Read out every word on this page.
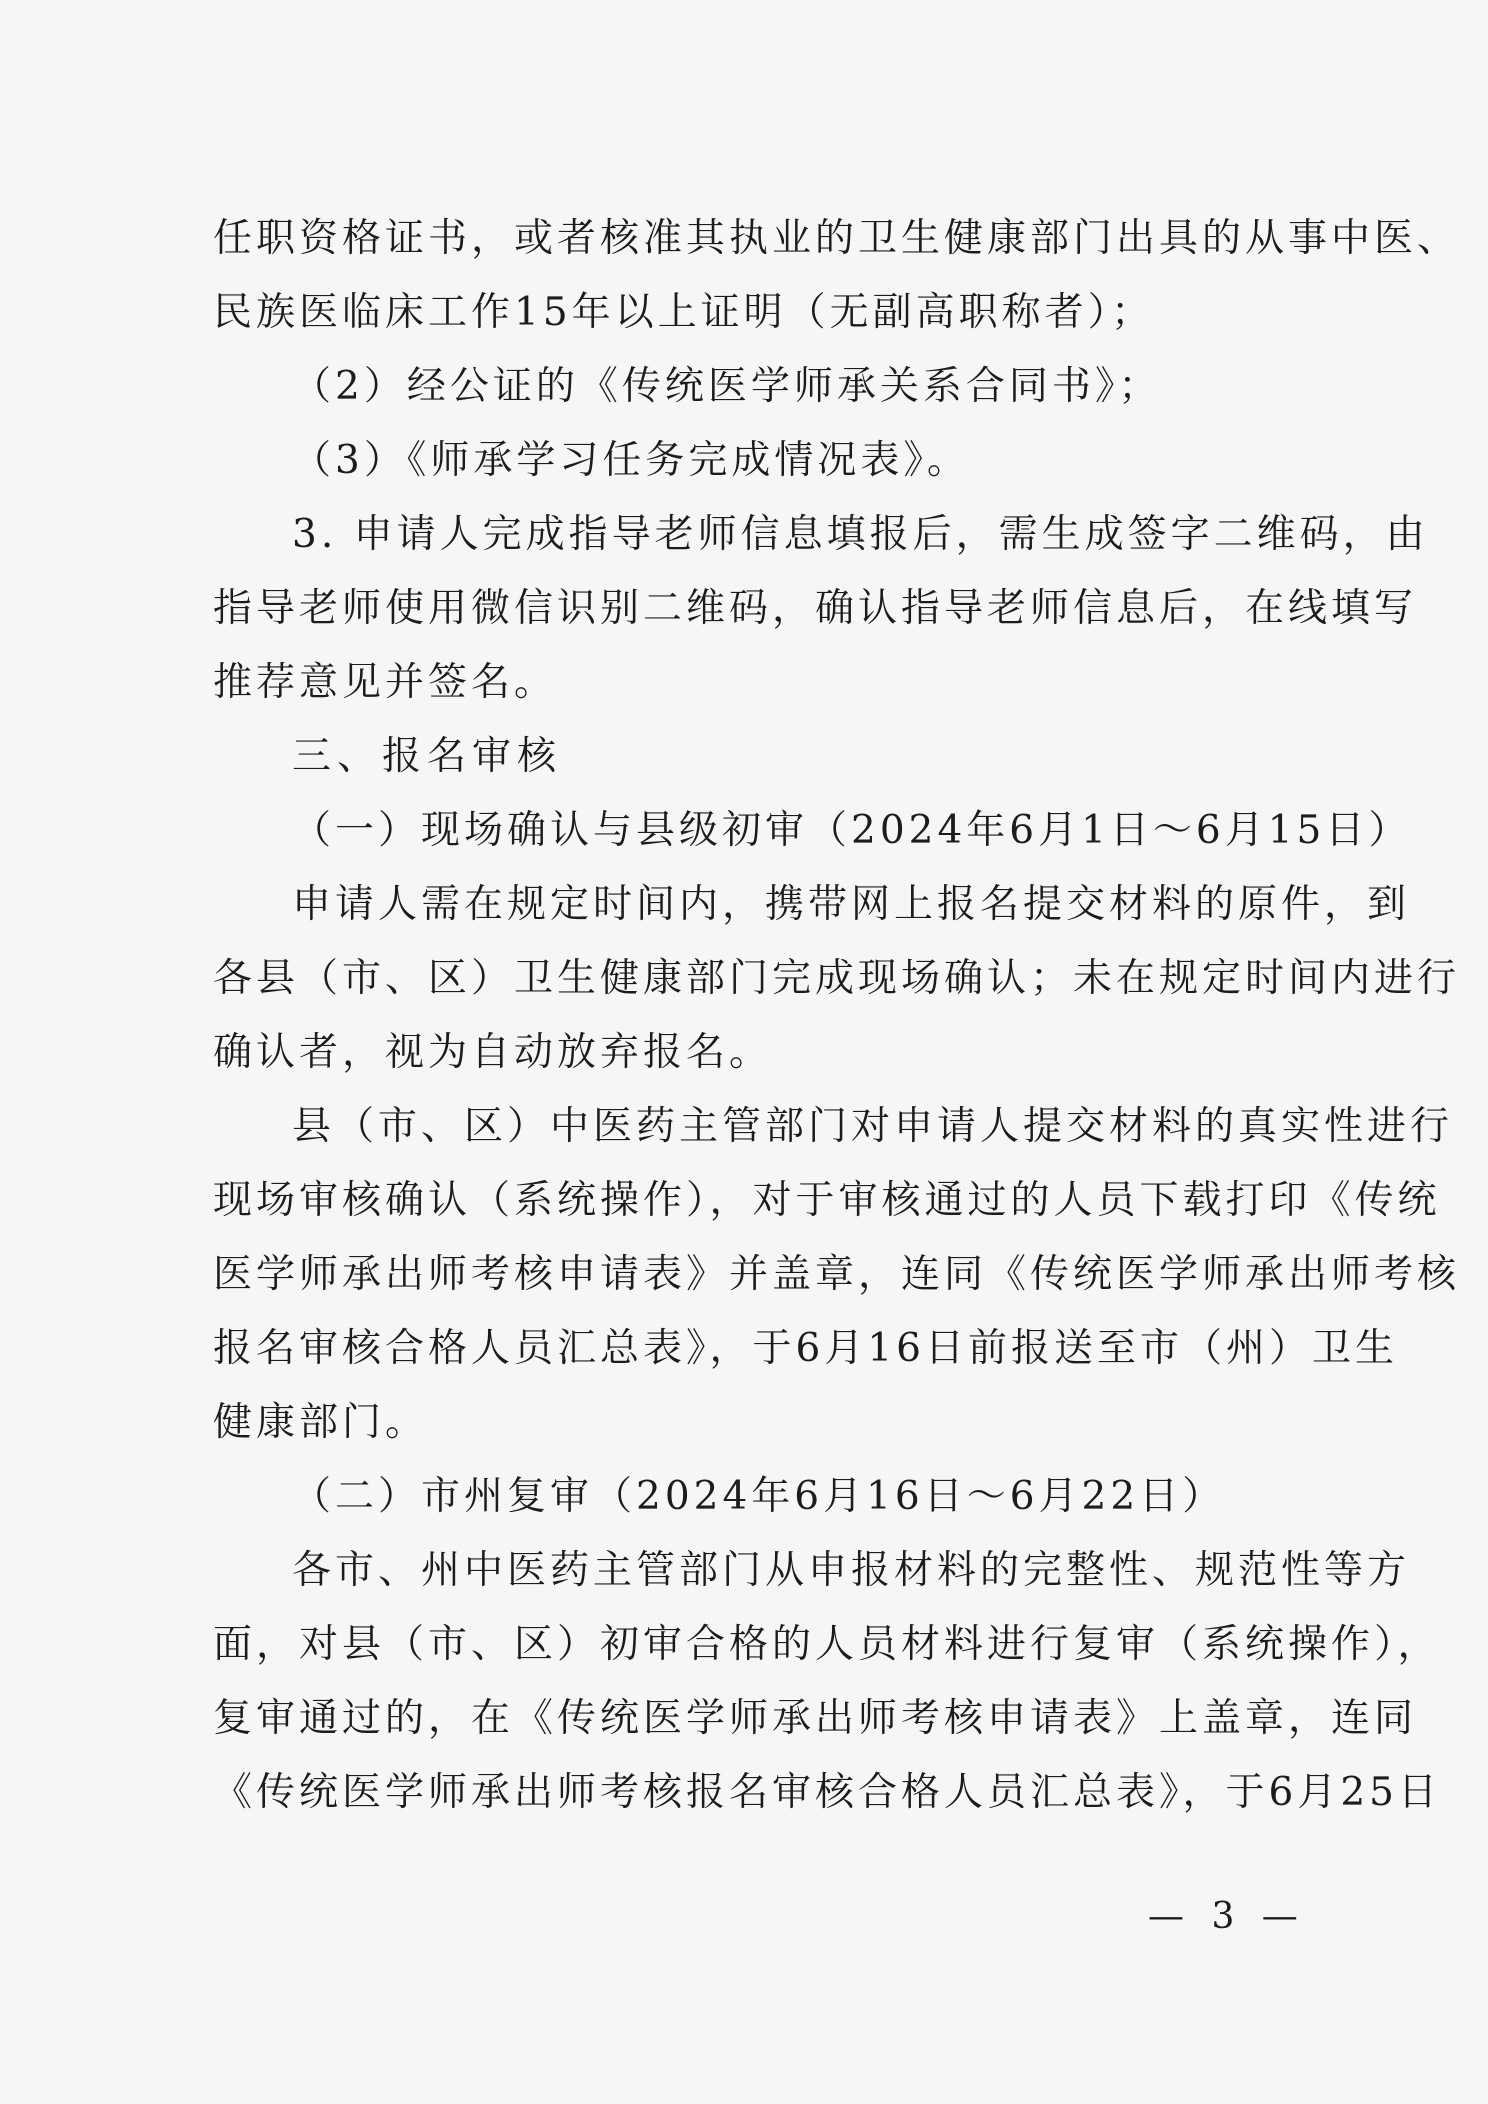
任职资格证书，或者核准其执业的卫生健康部门出具的从事中医、
民族医临床工作15年以上证明（无副高职称者）；
（2）经公证的《传统医学师承关系合同书》；
（3）《师承学习任务完成情况表》。
3. 申请人完成指导老师信息填报后，需生成签字二维码，由
指导老师使用微信识别二维码，确认指导老师信息后，在线填写
推荐意见并签名。
三、报名审核
（一）现场确认与县级初审（2024年6月1日～6月15日）
申请人需在规定时间内，携带网上报名提交材料的原件，到
各县（市、区）卫生健康部门完成现场确认；未在规定时间内进行
确认者，视为自动放弃报名。
县（市、区）中医药主管部门对申请人提交材料的真实性进行
现场审核确认（系统操作），对于审核通过的人员下载打印《传统
医学师承出师考核申请表》并盖章，连同《传统医学师承出师考核
报名审核合格人员汇总表》，于6月16日前报送至市（州）卫生
健康部门。
（二）市州复审（2024年6月16日～6月22日）
各市、州中医药主管部门从申报材料的完整性、规范性等方
面，对县（市、区）初审合格的人员材料进行复审（系统操作），
复审通过的，在《传统医学师承出师考核申请表》上盖章，连同
《传统医学师承出师考核报名审核合格人员汇总表》，于6月25日
— 3 —
